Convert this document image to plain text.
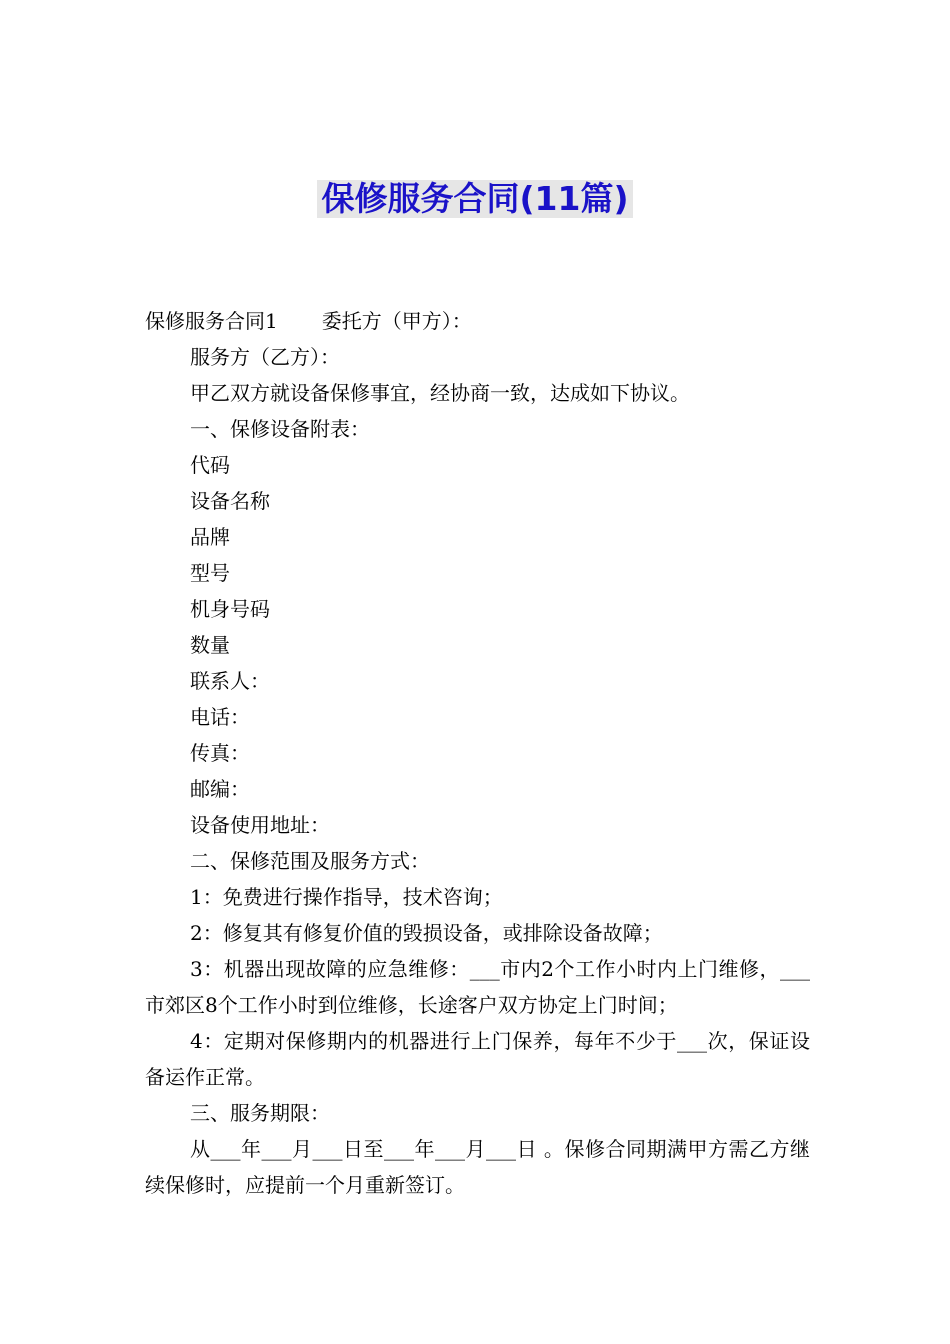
保修服务合同(11篇)

保修服务合同1 委托方（甲方）：

服务方（乙方）：

甲乙双方就设备保修事宜，经协商一致，达成如下协议。

一、保修设备附表：

代码

设备名称

品牌

型号

机身号码

数量

联系人：

电话：

传真：

邮编：

设备使用地址：

二、保修范围及服务方式：

1：免费进行操作指导，技术咨询；

2：修复其有修复价值的毁损设备，或排除设备故障；

3：机器出现故障的应急维修：___市内2个工作小时内上门维修，___市郊区8个工作小时到位维修，长途客户双方协定上门时间；

4：定期对保修期内的机器进行上门保养，每年不少于___次，保证设备运作正常。

三、服务期限：

从___年___月___日至___年___月___日 。保修合同期满甲方需乙方继续保修时，应提前一个月重新签订。
